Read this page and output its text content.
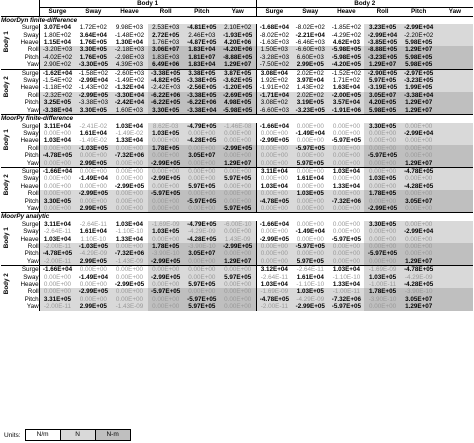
		Body 1						Body 2					
		Surge	Sway	Heave	Roll	Pitch	Yaw	Surge	Sway	Heave	Roll	Pitch	Yaw
MoorDyn finite-difference													

Body 1	Surge	3.07E+04	1.72E+02	9.98E+03	2.53E+03	-4.81E+05	2.10E+02	-1.68E+04	-8.02E+02	-1.85E+02	3.23E+05	-2.99E+04	
	Sway	1.80E+02	3.64E+04	-1.48E+02	2.72E+05	2.46E+03	-1.93E+05	-8.02E+02	-2.21E+04	-4.29E+02	-2.99E+04	-2.20E+02	
	Heave	1.15E+04	1.76E+05	1.30E+04	1.76E+03	-4.87E+05	4.20E+06	-1.63E+03	-6.46E+03	4.62E+03	-3.85E+05	5.98E+05	
	Roll	-3.20E+03	3.30E+05	-2.18E+03	3.06E+07	1.83E+04	-4.20E+06	1.50E+03	-6.60E+03	-5.98E+05	-8.88E+05	1.29E+07	
	Pitch	-4.02E+02	1.76E+05	-2.98E+03	1.83E+03	1.81E+07	-8.88E+05	-3.28E+03	6.60E+03	-5.98E+05	-3.23E+05	5.98E+05	
	Yaw	2.90E+02	-3.30E+05	4.39E+03	6.49E+06	1.83E+04	1.29E+07	-7.50E+02	2.99E+05	-4.20E+05	1.29E+07	5.98E+05	

Body 2	Surge	-1.62E+04	-1.58E+02	-2.60E+03	-3.38E+05	3.38E+05	3.87E+05	3.08E+04	2.02E+02	-1.52E+02	-2.90E+05	-2.97E+05	
	Sway	-1.54E+02	-2.99E+04	-1.49E+02	-4.82E+05	-3.38E+05	-3.62E+05	1.92E+02	3.97E+04	1.71E+02	5.97E+05	-3.23E+05	
	Heave	-1.18E+02	-1.43E+02	-1.32E+04	-2.42E+03	-2.56E+05	-1.20E+05	-1.91E+02	1.43E+02	1.63E+04	-3.19E+05	1.99E+05	
	Roll	-2.32E+02	-2.99E+05	-3.30E+04	-6.22E+06	-3.38E+05	-2.69E+05	-1.71E+04	2.02E+02	-2.00E+05	3.05E+07	-3.38E+04	
	Pitch	3.25E+05	-3.38E+03	-2.42E+04	-6.22E+05	-6.22E+06	4.98E+05	3.08E+02	3.19E+05	3.57E+04	4.20E+05	1.29E+07	
	Yaw	-3.38E+04	3.30E+05	1.60E+03	3.30E+05	-3.38E+04	-5.98E+05	-6.60E+03	-3.23E+05	-1.91E+06	5.98E+05	1.29E+07	
MoorPy finite-difference													

Body 1	Surge	3.11E+04	-2.41E-02	1.03E+04	8.62E-03	-4.79E+05	-1.46E-08	-1.66E+04	0.00E+00	0.00E+00	3.30E+05	0.00E+00	
	Sway	0.00E+00	1.61E+04	-1.49E-02	1.03E+05	0.00E+00	0.00E+00	0.00E+00	-1.49E+04	0.00E+00	0.00E+00	-2.99E+04	
	Heave	1.03E+04	-1.49E-02	1.33E+04	0.00E+00	-4.28E+05	0.00E+00	-2.99E+05	0.00E+00	-5.97E+05	0.00E+00	0.00E+00	
	Roll	0.00E+00	-1.03E+05	0.00E+00	1.78E+05	0.00E+00	-2.99E+05	0.00E+00	-5.97E+05	0.00E+00	0.00E+00	0.00E+00	
	Pitch	-4.78E+05	0.00E+00	-7.32E+06	0.00E+00	3.05E+07	0.00E+00	0.00E+00	0.00E+00	0.00E+00	-5.97E+05	0.00E+00	
	Yaw	0.00E+00	2.99E+05	0.00E+00	-2.99E+05	0.00E+00	1.29E+07	0.00E+00	5.97E+05	0.00E+00	0.00E+00	1.29E+07	

Body 2	Surge	-1.66E+04	0.00E+00	0.00E+00	0.00E+00	0.00E+00	0.00E+00	3.11E+04	0.00E+00	1.03E+04	0.00E+00	-4.78E+05	
	Sway	0.00E+00	-1.49E+04	0.00E+00	-2.99E+05	0.00E+00	5.97E+05	0.00E+00	1.61E+04	0.00E+00	1.03E+05	0.00E+00	
	Heave	0.00E+00	0.00E+00	-2.99E+05	0.00E+00	5.97E+05	0.00E+00	1.03E+04	0.00E+00	1.33E+04	0.00E+00	-4.28E+05	
	Roll	0.00E+00	-2.99E+05	0.00E+00	-5.97E+05	0.00E+00	0.00E+00	0.00E+00	1.03E+05	0.00E+00	1.78E+05	0.00E+00	
	Pitch	3.30E+05	0.00E+00	0.00E+00	0.00E+00	-5.97E+05	0.00E+00	-4.78E+05	0.00E+00	-7.32E+06	0.00E+00	3.05E+07	
	Yaw	0.00E+00	2.99E+05	0.00E+00	0.00E+00	0.00E+00	5.97E+05	0.00E+00	0.00E+00	0.00E+00	-2.99E+05	0.00E+00	
MoorPy analytic													

Body 1	Surge	3.11E+04	-2.64E-11	1.03E+04	-1.69E-09	-4.79E+05	-6.00E-10	-1.66E+04	0.00E+00	0.00E+00	3.30E+05	0.00E+00	
	Sway	-2.64E-11	1.61E+04	-1.10E-10	1.03E+05	-4.29E-09	0.00E+00	0.00E+00	-1.49E+04	0.00E+00	0.00E+00	-2.99E+04	
	Heave	1.03E+04	1.10E-10	1.33E+04	0.00E+00	-4.28E+05	1.43E-09	-2.99E+05	0.00E+00	-5.97E+05	0.00E+00	0.00E+00	
	Roll	-2.00E-11	-1.03E+05	0.00E+00	1.78E+05	-3.90E-10	-2.99E+05	0.00E+00	-5.97E+05	0.00E+00	0.00E+00	0.00E+00	
	Pitch	-4.78E+05	-4.29E-09	-7.32E+06	-3.90E-10	3.05E+07	0.00E+00	0.00E+00	0.00E+00	0.00E+00	-5.97E+05	0.00E+00	
	Yaw	-2.00E-11	2.99E+05	-1.43E-09	-2.99E+05	0.00E+00	1.29E+07	0.00E+00	5.97E+05	0.00E+00	0.00E+00	1.29E+07	

Body 2	Surge	-1.66E+04	0.00E+00	0.00E+00	0.00E+00	0.00E+00	0.00E+00	3.12E+04	-2.64E-11	1.03E+04	-1.69E-09	-4.78E+05	
	Sway	0.00E+00	-1.49E+04	0.00E+00	-2.99E+05	0.00E+00	5.97E+05	-2.64E-11	1.61E+04	-1.10E-10	1.03E+05	-4.29E-09	
	Heave	0.00E+00	0.00E+00	-2.99E+05	0.00E+00	5.97E+05	0.00E+00	1.03E+04	-1.10E-10	1.33E+04	-1.00E-11	-4.28E+05	
	Roll	0.00E+00	-2.99E+05	0.00E+00	-5.97E+05	0.00E+00	0.00E+00	-1.69E-09	1.03E+05	-1.00E-11	1.78E+05	-3.90E-10	
	Pitch	3.31E+05	0.00E+00	0.00E+00	0.00E+00	-5.97E+05	0.00E+00	-4.78E+05	-4.29E-09	-7.32E+06	-3.90E-10	3.05E+07	
	Yaw	-2.00E-11	2.99E+05	-1.43E-09	0.00E+00	5.97E+05	0.00E+00	-2.00E-11	-2.99E+05	-5.97E+05	0.00E+00	1.29E+07	
Units:	N/m	N	N-m
